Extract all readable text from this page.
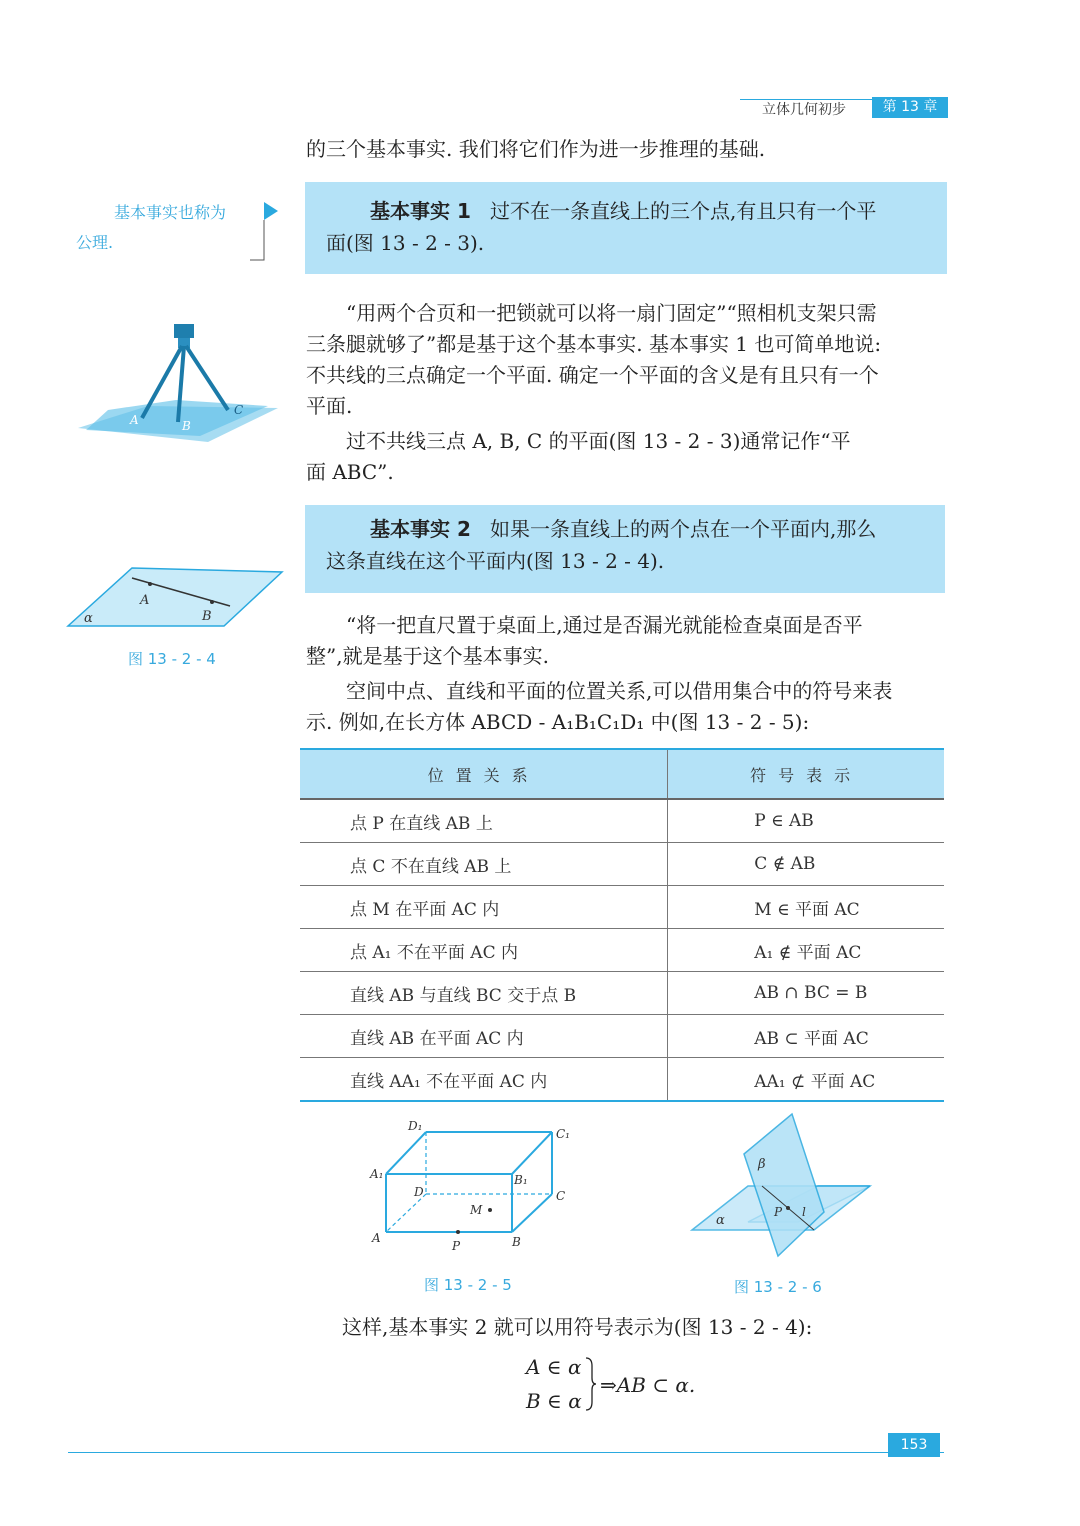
立体几何初步	第 13 章
的三个基本事实. 我们将它们作为进一步推理的基础.
基本事实也称为
公理.
基本事实 1 过不在一条直线上的三个点,有且只有一个平
面(图 13 - 2 - 3).
“用两个合页和一把锁就可以将一扇门固定”“照相机支架只需
三条腿就够了”都是基于这个基本事实. 基本事实 1 也可简单地说:
不共线的三点确定一个平面. 确定一个平面的含义是有且只有一个
平面.
过不共线三点 A, B, C 的平面(图 13 - 2 - 3)通常记作“平
面 ABC”.
A	B
C
基本事实 2 如果一条直线上的两个点在一个平面内,那么
这条直线在这个平面内(图 13 - 2 - 4).
A
B
α
图 13 - 2 - 4
“将一把直尺置于桌面上,通过是否漏光就能检查桌面是否平
整”,就是基于这个基本事实.
空间中点、直线和平面的位置关系,可以借用集合中的符号来表
示. 例如,在长方体 ABCD - A₁B₁C₁D₁ 中(图 13 - 2 - 5):
位置关系	符号表示
点 P 在直线 AB 上	P ∈ AB
点 C 不在直线 AB 上	C ∉ AB
点 M 在平面 AC 内	M ∈ 平面 AC
点 A₁ 不在平面 AC 内	A₁ ∉ 平面 AC
直线 AB 与直线 BC 交于点 B	AB ∩ BC = B
直线 AB 在平面 AC 内	AB ⊂ 平面 AC
直线 AA₁ 不在平面 AC 内	AA₁ ⊄ 平面 AC
D₁
C₁
A₁	B₁
D	C
M
A
P	B
图 13 - 2 - 5
β
α
P l
图 13 - 2 - 6
这样,基本事实 2 就可以用符号表示为(图 13 - 2 - 4):
A ∈ α
B ∈ α
⇒AB ⊂ α.
153
